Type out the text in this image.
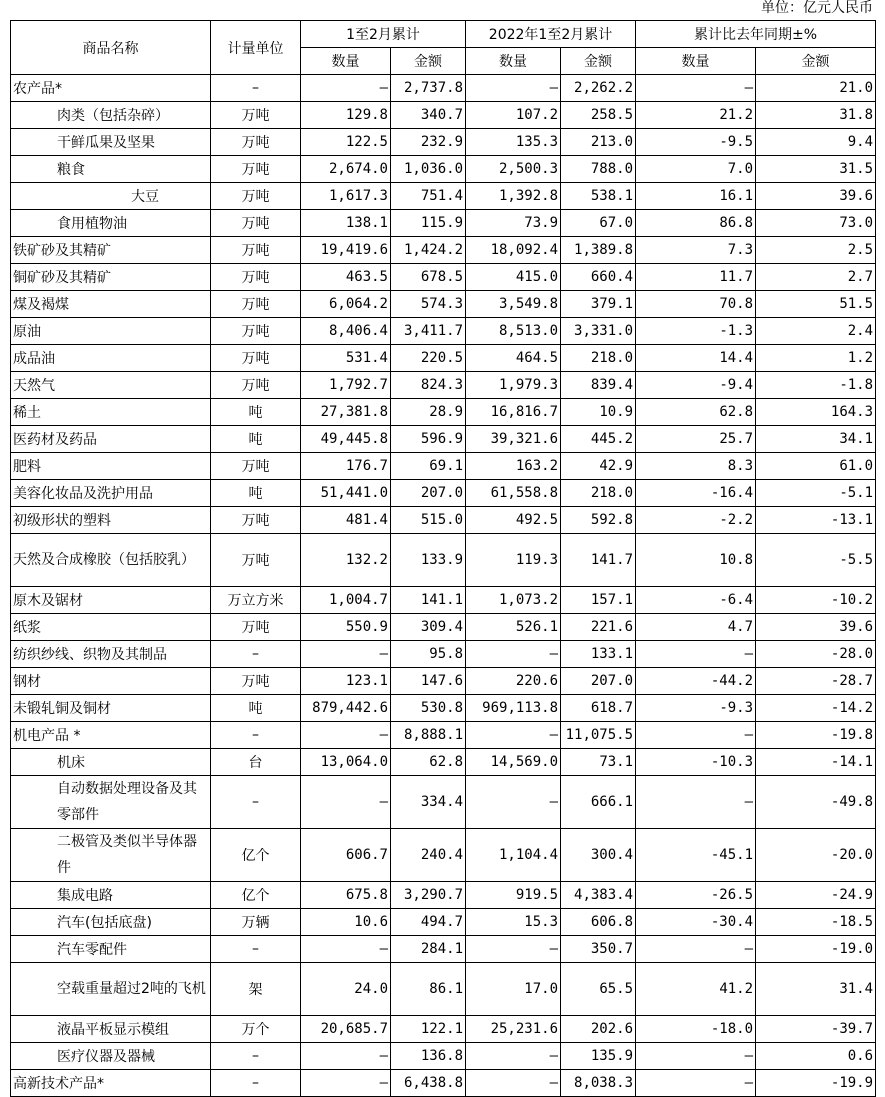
单位：亿元人民币
商品名称	计量单位	1至2月累计		2022年1至2月累计		累计比去年同期±%	
		数量	金额	数量	金额	数量	金额
农产品*	–	–	2,737.8	–	2,262.2	–	21.0
肉类（包括杂碎）	万吨	129.8	340.7	107.2	258.5	21.2	31.8
干鲜瓜果及坚果	万吨	122.5	232.9	135.3	213.0	-9.5	9.4
粮食	万吨	2,674.0	1,036.0	2,500.3	788.0	7.0	31.5
大豆	万吨	1,617.3	751.4	1,392.8	538.1	16.1	39.6
食用植物油	万吨	138.1	115.9	73.9	67.0	86.8	73.0
铁矿砂及其精矿	万吨	19,419.6	1,424.2	18,092.4	1,389.8	7.3	2.5
铜矿砂及其精矿	万吨	463.5	678.5	415.0	660.4	11.7	2.7
煤及褐煤	万吨	6,064.2	574.3	3,549.8	379.1	70.8	51.5
原油	万吨	8,406.4	3,411.7	8,513.0	3,331.0	-1.3	2.4
成品油	万吨	531.4	220.5	464.5	218.0	14.4	1.2
天然气	万吨	1,792.7	824.3	1,979.3	839.4	-9.4	-1.8
稀土	吨	27,381.8	28.9	16,816.7	10.9	62.8	164.3
医药材及药品	吨	49,445.8	596.9	39,321.6	445.2	25.7	34.1
肥料	万吨	176.7	69.1	163.2	42.9	8.3	61.0
美容化妆品及洗护用品	吨	51,441.0	207.0	61,558.8	218.0	-16.4	-5.1
初级形状的塑料	万吨	481.4	515.0	492.5	592.8	-2.2	-13.1
天然及合成橡胶（包括胶乳）	万吨	132.2	133.9	119.3	141.7	10.8	-5.5
原木及锯材	万立方米	1,004.7	141.1	1,073.2	157.1	-6.4	-10.2
纸浆	万吨	550.9	309.4	526.1	221.6	4.7	39.6
纺织纱线、织物及其制品	–	–	95.8	–	133.1	–	-28.0
钢材	万吨	123.1	147.6	220.6	207.0	-44.2	-28.7
未锻轧铜及铜材	吨	879,442.6	530.8	969,113.8	618.7	-9.3	-14.2
机电产品 *	–	–	8,888.1	–	11,075.5	–	-19.8
机床	台	13,064.0	62.8	14,569.0	73.1	-10.3	-14.1
自动数据处理设备及其零部件	–	–	334.4	–	666.1	–	-49.8
二极管及类似半导体器件	亿个	606.7	240.4	1,104.4	300.4	-45.1	-20.0
集成电路	亿个	675.8	3,290.7	919.5	4,383.4	-26.5	-24.9
汽车(包括底盘)	万辆	10.6	494.7	15.3	606.8	-30.4	-18.5
汽车零配件	–	–	284.1	–	350.7	–	-19.0
空载重量超过2吨的飞机	架	24.0	86.1	17.0	65.5	41.2	31.4
液晶平板显示模组	万个	20,685.7	122.1	25,231.6	202.6	-18.0	-39.7
医疗仪器及器械	–	–	136.8	–	135.9	–	0.6
高新技术产品*	–	–	6,438.8	–	8,038.3	–	-19.9
